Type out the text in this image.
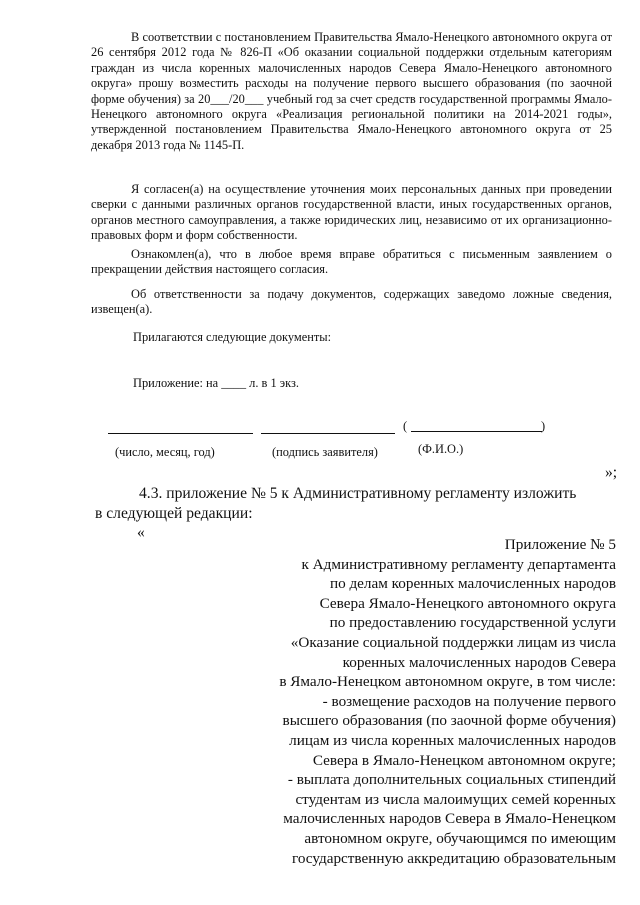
В соответствии с постановлением Правительства Ямало-Ненецкого автономного округа от 26 сентября 2012 года № 826-П «Об оказании социальной поддержки отдельным категориям граждан из числа коренных малочисленных народов Севера Ямало-Ненецкого автономного округа» прошу возместить расходы на получение первого высшего образования (по заочной форме обучения) за 20___/20___ учебный год за счет средств государственной программы Ямало-Ненецкого автономного округа «Реализация региональной политики на 2014-2021 годы», утвержденной постановлением Правительства Ямало-Ненецкого автономного округа от 25 декабря 2013 года № 1145-П.

Я согласен(а) на осуществление уточнения моих персональных данных при проведении сверки с данными различных органов государственной власти, иных государственных органов, органов местного самоуправления, а также юридических лиц, независимо от их организационно-правовых форм и форм собственности.

Ознакомлен(а), что в любое время вправе обратиться с письменным заявлением о прекращении действия настоящего согласия.

Об ответственности за подачу документов, содержащих заведомо ложные сведения, извещен(а).

Прилагаются следующие документы:
Приложение: на ____ л. в 1 экз.
(	)
(число, месяц, год)	(подпись заявителя)	(Ф.И.О.)
»;

4.3. приложение № 5 к Административному регламенту изложить в следующей редакции:

«
Приложение № 5
к Административному регламенту департамента
по делам коренных малочисленных народов
Севера Ямало-Ненецкого автономного округа
по предоставлению государственной услуги
«Оказание социальной поддержки лицам из числа
коренных малочисленных народов Севера
в Ямало-Ненецком автономном округе, в том числе:
- возмещение расходов на получение первого
высшего образования (по заочной форме обучения)
лицам из числа коренных малочисленных народов
Севера в Ямало-Ненецком автономном округе;
- выплата дополнительных социальных стипендий
студентам из числа малоимущих семей коренных
малочисленных народов Севера в Ямало-Ненецком
автономном округе, обучающимся по имеющим
государственную аккредитацию образовательным
